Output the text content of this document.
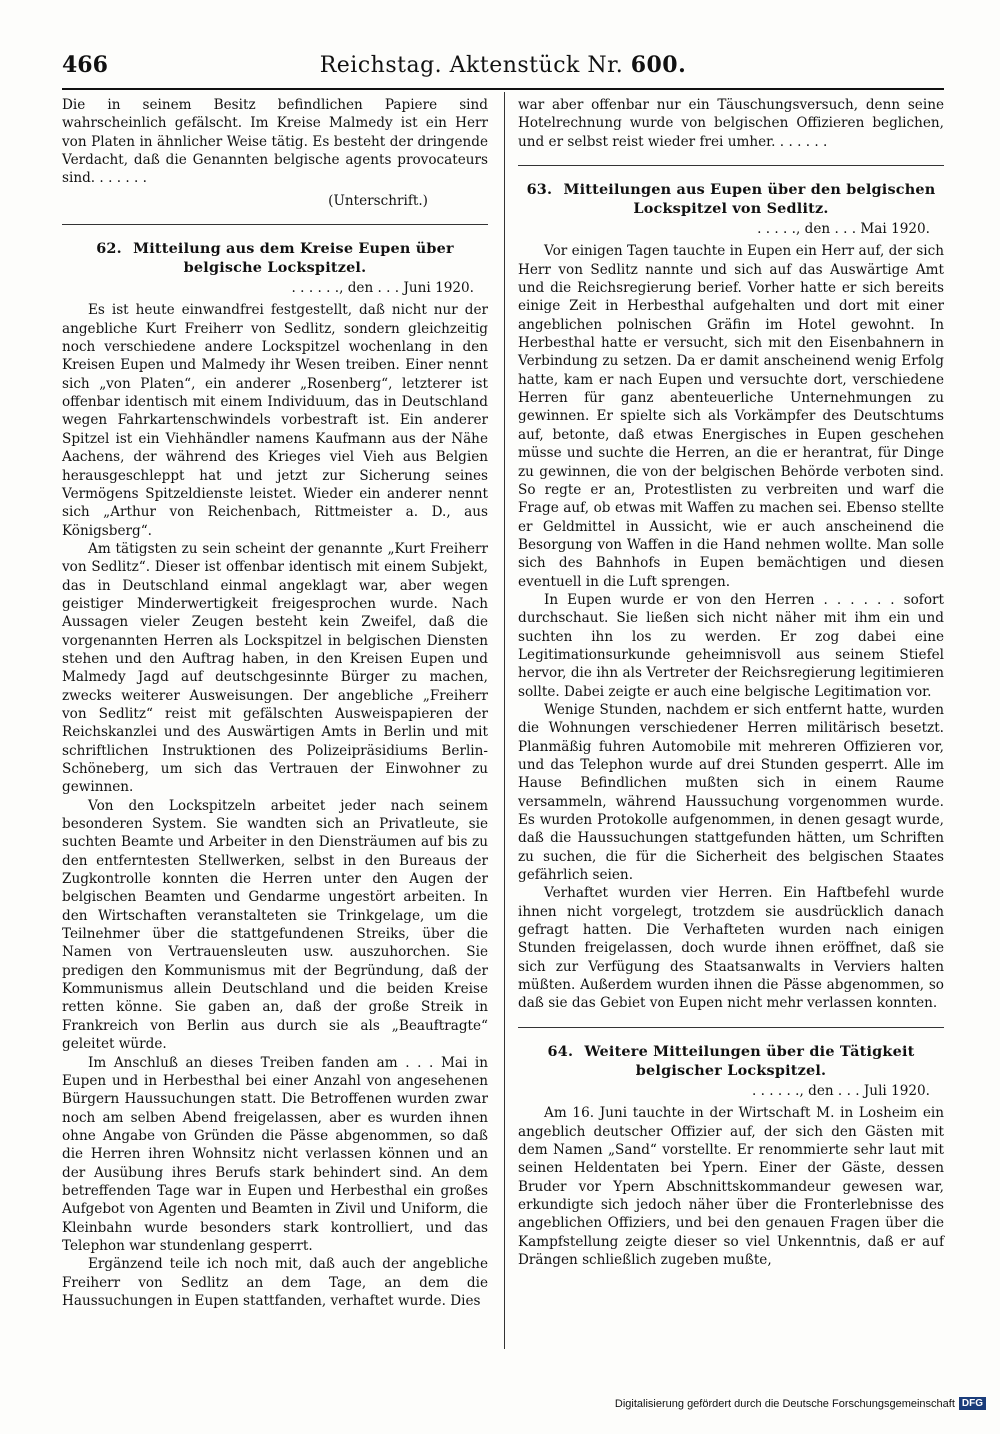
466	Reichstag. Aktenstück Nr. 600.

Die in seinem Besitz befindlichen Papiere sind wahrscheinlich gefälscht. Im Kreise Malmedy ist ein Herr von Platen in ähnlicher Weise tätig. Es besteht der dringende Verdacht, daß die Genannten belgische agents provocateurs sind. . . . . . .

(Unterschrift.)
62. Mitteilung aus dem Kreise Eupen über belgische Lockspitzel.
. . . . . ., den . . . Juni 1920.

Es ist heute einwandfrei festgestellt, daß nicht nur der angebliche Kurt Freiherr von Sedlitz, sondern gleichzeitig noch verschiedene andere Lockspitzel wochenlang in den Kreisen Eupen und Malmedy ihr Wesen treiben. Einer nennt sich „von Platen“, ein anderer „Rosenberg“, letzterer ist offenbar identisch mit einem Individuum, das in Deutschland wegen Fahrkartenschwindels vorbestraft ist. Ein anderer Spitzel ist ein Viehhändler namens Kaufmann aus der Nähe Aachens, der während des Krieges viel Vieh aus Belgien herausgeschleppt hat und jetzt zur Sicherung seines Vermögens Spitzeldienste leistet. Wieder ein anderer nennt sich „Arthur von Reichenbach, Rittmeister a. D., aus Königsberg“.

Am tätigsten zu sein scheint der genannte „Kurt Freiherr von Sedlitz“. Dieser ist offenbar identisch mit einem Subjekt, das in Deutschland einmal angeklagt war, aber wegen geistiger Minderwertigkeit freigesprochen wurde. Nach Aussagen vieler Zeugen besteht kein Zweifel, daß die vorgenannten Herren als Lockspitzel in belgischen Diensten stehen und den Auftrag haben, in den Kreisen Eupen und Malmedy Jagd auf deutschgesinnte Bürger zu machen, zwecks weiterer Ausweisungen. Der angebliche „Freiherr von Sedlitz“ reist mit gefälschten Ausweispapieren der Reichskanzlei und des Auswärtigen Amts in Berlin und mit schriftlichen Instruktionen des Polizeipräsidiums Berlin-Schöneberg, um sich das Vertrauen der Einwohner zu gewinnen.

Von den Lockspitzeln arbeitet jeder nach seinem besonderen System. Sie wandten sich an Privatleute, sie suchten Beamte und Arbeiter in den Diensträumen auf bis zu den entferntesten Stellwerken, selbst in den Bureaus der Zugkontrolle konnten die Herren unter den Augen der belgischen Beamten und Gendarme ungestört arbeiten. In den Wirtschaften veranstalteten sie Trinkgelage, um die Teilnehmer über die stattgefundenen Streiks, über die Namen von Vertrauensleuten usw. auszuhorchen. Sie predigen den Kommunismus mit der Begründung, daß der Kommunismus allein Deutschland und die beiden Kreise retten könne. Sie gaben an, daß der große Streik in Frankreich von Berlin aus durch sie als „Beauftragte“ geleitet würde.

Im Anschluß an dieses Treiben fanden am . . . Mai in Eupen und in Herbesthal bei einer Anzahl von angesehenen Bürgern Haussuchungen statt. Die Betroffenen wurden zwar noch am selben Abend freigelassen, aber es wurden ihnen ohne Angabe von Gründen die Pässe abgenommen, so daß die Herren ihren Wohnsitz nicht verlassen können und an der Ausübung ihres Berufs stark behindert sind. An dem betreffenden Tage war in Eupen und Herbesthal ein großes Aufgebot von Agenten und Beamten in Zivil und Uniform, die Kleinbahn wurde besonders stark kontrolliert, und das Telephon war stundenlang gesperrt.

Ergänzend teile ich noch mit, daß auch der angebliche Freiherr von Sedlitz an dem Tage, an dem die Haussuchungen in Eupen stattfanden, verhaftet wurde. Dies

war aber offenbar nur ein Täuschungsversuch, denn seine Hotelrechnung wurde von belgischen Offizieren beglichen, und er selbst reist wieder frei umher. . . . . . .

63. Mitteilungen aus Eupen über den belgischen Lockspitzel von Sedlitz.
. . . . ., den . . . Mai 1920.

Vor einigen Tagen tauchte in Eupen ein Herr auf, der sich Herr von Sedlitz nannte und sich auf das Auswärtige Amt und die Reichsregierung berief. Vorher hatte er sich bereits einige Zeit in Herbesthal aufgehalten und dort mit einer angeblichen polnischen Gräfin im Hotel gewohnt. In Herbesthal hatte er versucht, sich mit den Eisenbahnern in Verbindung zu setzen. Da er damit anscheinend wenig Erfolg hatte, kam er nach Eupen und versuchte dort, verschiedene Herren für ganz abenteuerliche Unternehmungen zu gewinnen. Er spielte sich als Vorkämpfer des Deutschtums auf, betonte, daß etwas Energisches in Eupen geschehen müsse und suchte die Herren, an die er herantrat, für Dinge zu gewinnen, die von der belgischen Behörde verboten sind. So regte er an, Protestlisten zu verbreiten und warf die Frage auf, ob etwas mit Waffen zu machen sei. Ebenso stellte er Geldmittel in Aussicht, wie er auch anscheinend die Besorgung von Waffen in die Hand nehmen wollte. Man solle sich des Bahnhofs in Eupen bemächtigen und diesen eventuell in die Luft sprengen.

In Eupen wurde er von den Herren . . . . . . sofort durchschaut. Sie ließen sich nicht näher mit ihm ein und suchten ihn los zu werden. Er zog dabei eine Legitimationsurkunde geheimnisvoll aus seinem Stiefel hervor, die ihn als Vertreter der Reichsregierung legitimieren sollte. Dabei zeigte er auch eine belgische Legitimation vor.

Wenige Stunden, nachdem er sich entfernt hatte, wurden die Wohnungen verschiedener Herren militärisch besetzt. Planmäßig fuhren Automobile mit mehreren Offizieren vor, und das Telephon wurde auf drei Stunden gesperrt. Alle im Hause Befindlichen mußten sich in einem Raume versammeln, während Haussuchung vorgenommen wurde. Es wurden Protokolle aufgenommen, in denen gesagt wurde, daß die Haussuchungen stattgefunden hätten, um Schriften zu suchen, die für die Sicherheit des belgischen Staates gefährlich seien.

Verhaftet wurden vier Herren. Ein Haftbefehl wurde ihnen nicht vorgelegt, trotzdem sie ausdrücklich danach gefragt hatten. Die Verhafteten wurden nach einigen Stunden freigelassen, doch wurde ihnen eröffnet, daß sie sich zur Verfügung des Staatsanwalts in Verviers halten müßten. Außerdem wurden ihnen die Pässe abgenommen, so daß sie das Gebiet von Eupen nicht mehr verlassen konnten.

64. Weitere Mitteilungen über die Tätigkeit belgischer Lockspitzel.
. . . . . ., den . . . Juli 1920.

Am 16. Juni tauchte in der Wirtschaft M. in Losheim ein angeblich deutscher Offizier auf, der sich den Gästen mit dem Namen „Sand“ vorstellte. Er renommierte sehr laut mit seinen Heldentaten bei Ypern. Einer der Gäste, dessen Bruder vor Ypern Abschnittskommandeur gewesen war, erkundigte sich jedoch näher über die Fronterlebnisse des angeblichen Offiziers, und bei den genauen Fragen über die Kampfstellung zeigte dieser so viel Unkenntnis, daß er auf Drängen schließlich zugeben mußte,

Digitalisierung gefördert durch die Deutsche Forschungsgemeinschaft DFG
